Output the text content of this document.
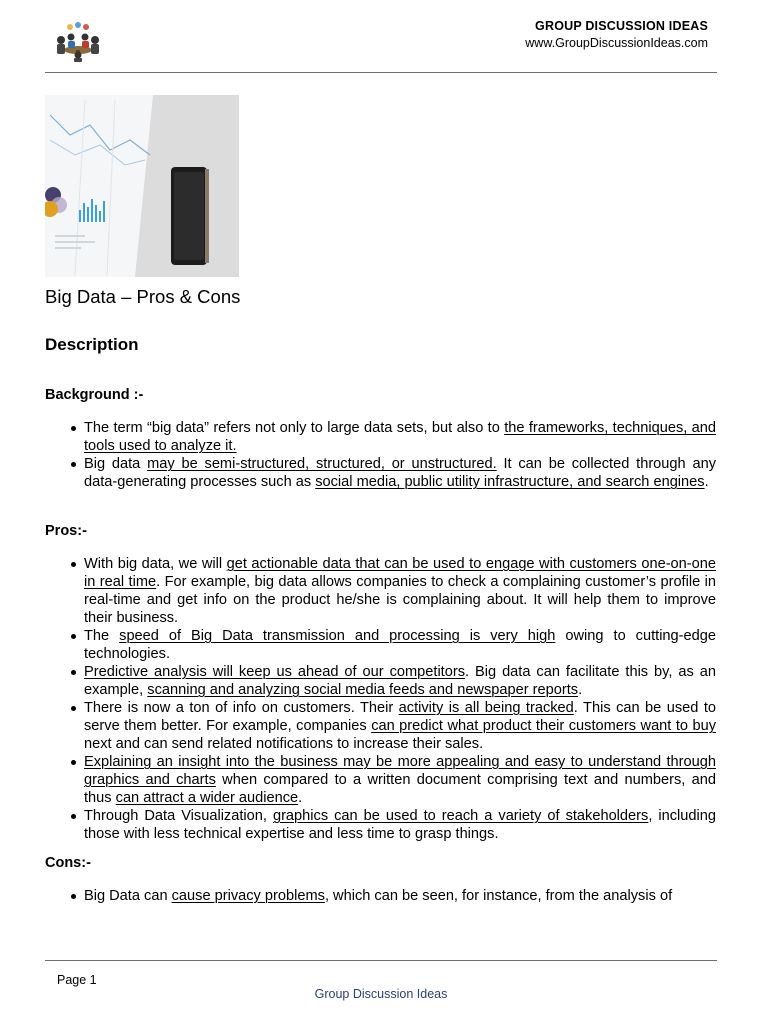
GROUP DISCUSSION IDEAS
www.GroupDiscussionIdeas.com
Big Data – Pros & Cons
Description
Background :-
The term “big data” refers not only to large data sets, but also to the frameworks, techniques, and tools used to analyze it.
Big data may be semi-structured, structured, or unstructured. It can be collected through any data-generating processes such as social media, public utility infrastructure, and search engines.
Pros:-
With big data, we will get actionable data that can be used to engage with customers one-on-one in real time. For example, big data allows companies to check a complaining customer’s profile in real-time and get info on the product he/she is complaining about. It will help them to improve their business.
The speed of Big Data transmission and processing is very high owing to cutting-edge technologies.
Predictive analysis will keep us ahead of our competitors. Big data can facilitate this by, as an example, scanning and analyzing social media feeds and newspaper reports.
There is now a ton of info on customers. Their activity is all being tracked. This can be used to serve them better. For example, companies can predict what product their customers want to buy next and can send related notifications to increase their sales.
Explaining an insight into the business may be more appealing and easy to understand through graphics and charts when compared to a written document comprising text and numbers, and thus can attract a wider audience.
Through Data Visualization, graphics can be used to reach a variety of stakeholders, including those with less technical expertise and less time to grasp things.
Cons:-
Big Data can cause privacy problems, which can be seen, for instance, from the analysis of
Page 1
Group Discussion Ideas
